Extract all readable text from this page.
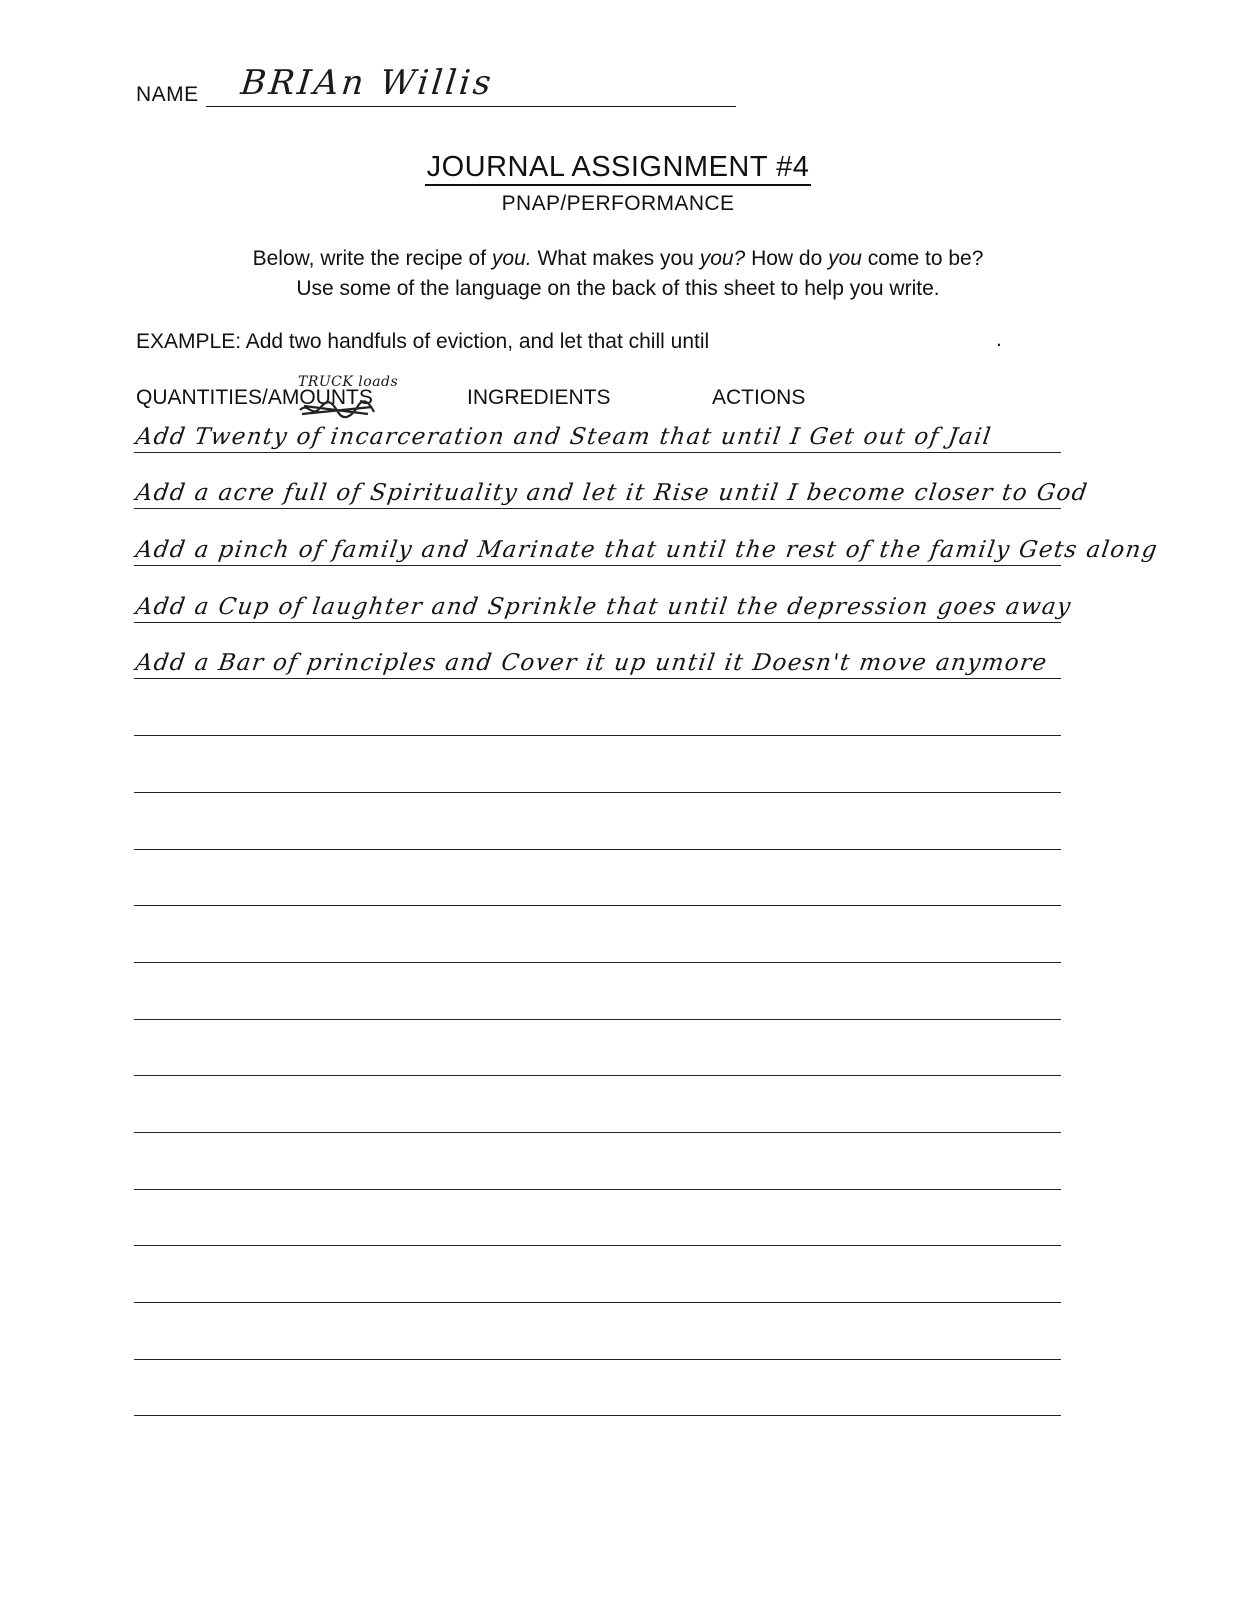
NAME BRIAn Willis
JOURNAL ASSIGNMENT #4
PNAP/PERFORMANCE
Below, write the recipe of you. What makes you you? How do you come to be?
Use some of the language on the back of this sheet to help you write.
EXAMPLE: Add two handfuls of eviction, and let that chill until	.
QUANTITIES/AMOUNTS	INGREDIENTS	ACTIONS
Add Twenty of incarceration and Steam that until I Get out of Jail
TRUCK loads
Add a acre full of Spirituality and let it Rise until I become closer to God
Add a pinch of family and Marinate that until the rest of the family Gets along
Add a Cup of laughter and Sprinkle that until the depression goes away
Add a Bar of principles and Cover it up until it Doesn't move anymore
